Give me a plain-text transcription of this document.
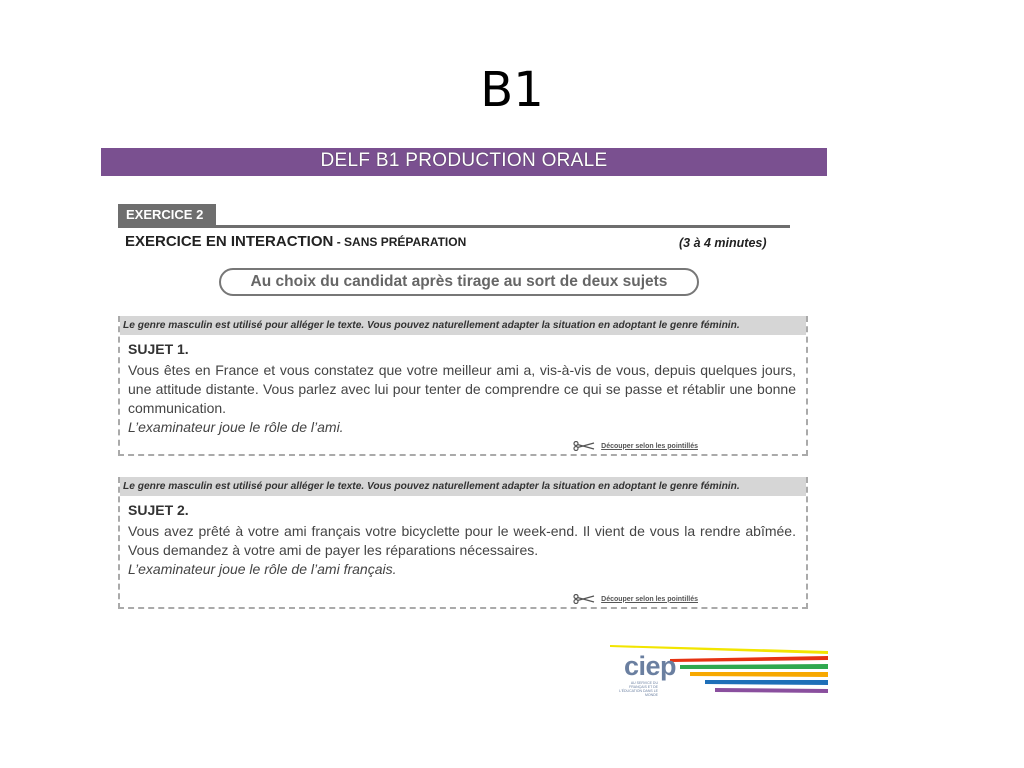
B1
DELF B1 PRODUCTION ORALE
EXERCICE 2
EXERCICE EN INTERACTION - SANS PRÉPARATION	(3 à 4 minutes)
Au choix du candidat après tirage au sort de deux sujets
Le genre masculin est utilisé pour alléger le texte. Vous pouvez naturellement adapter la situation en adoptant le genre féminin.
SUJET 1.
Vous êtes en France et vous constatez que votre meilleur ami a, vis-à-vis de vous, depuis quelques jours, une attitude distante. Vous parlez avec lui pour tenter de comprendre ce qui se passe et rétablir une bonne communication.
L’examinateur joue le rôle de l’ami.
Découper selon les pointillés
Le genre masculin est utilisé pour alléger le texte. Vous pouvez naturellement adapter la situation en adoptant le genre féminin.
SUJET 2.
Vous avez prêté à votre ami français votre bicyclette pour le week-end. Il vient de vous la rendre abîmée. Vous demandez à votre ami de payer les réparations nécessaires.
L’examinateur joue le rôle de l’ami français.
Découper selon les pointillés
ciep
AU SERVICE DU FRANÇAIS ET DE L'ÉDUCATION DANS LE MONDE
